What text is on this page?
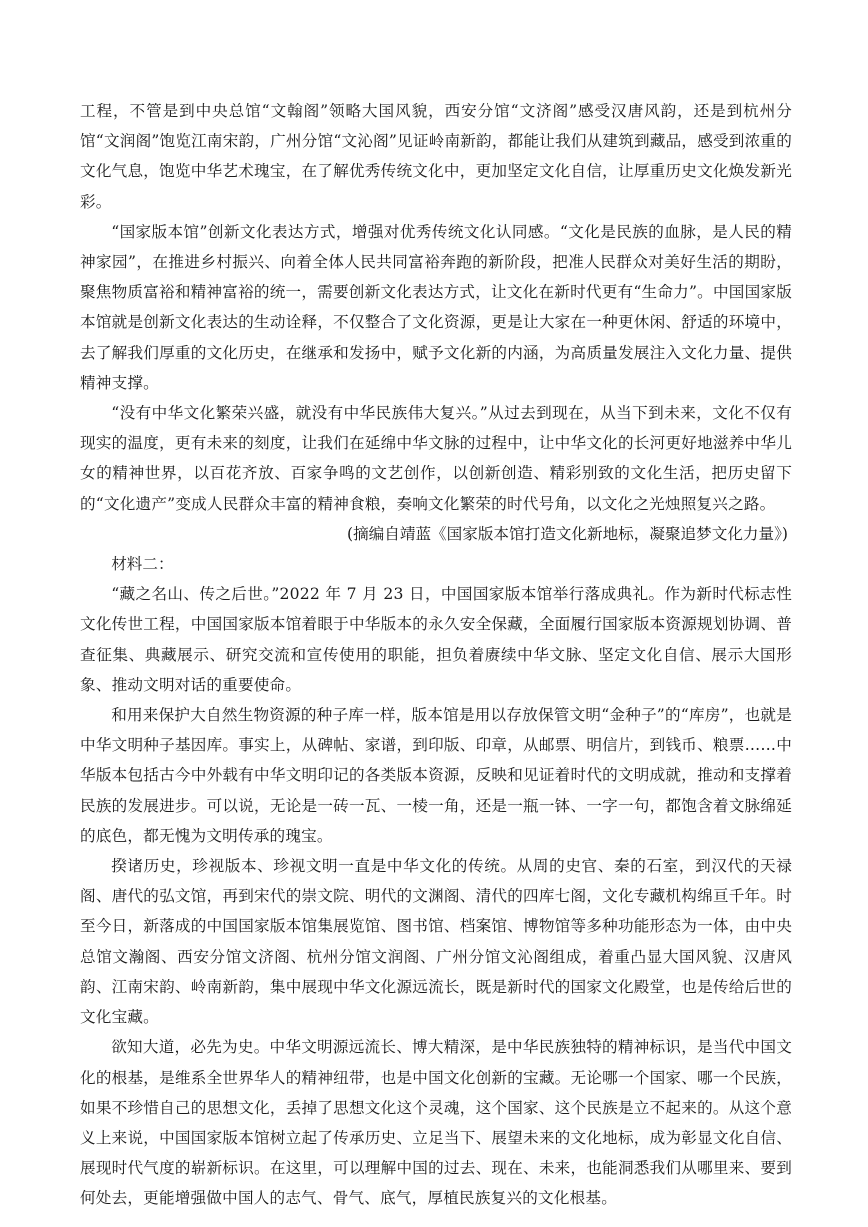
工程，不管是到中央总馆“文翰阁”领略大国风貌，西安分馆“文济阁”感受汉唐风韵，还是到杭州分馆“文润阁”饱览江南宋韵，广州分馆“文沁阁”见证岭南新韵，都能让我们从建筑到藏品，感受到浓重的文化气息，饱览中华艺术瑰宝，在了解优秀传统文化中，更加坚定文化自信，让厚重历史文化焕发新光彩。

“国家版本馆”创新文化表达方式，增强对优秀传统文化认同感。“文化是民族的血脉，是人民的精神家园”，在推进乡村振兴、向着全体人民共同富裕奔跑的新阶段，把准人民群众对美好生活的期盼，聚焦物质富裕和精神富裕的统一，需要创新文化表达方式，让文化在新时代更有“生命力”。中国国家版本馆就是创新文化表达的生动诠释，不仅整合了文化资源，更是让大家在一种更休闲、舒适的环境中，去了解我们厚重的文化历史，在继承和发扬中，赋予文化新的内涵，为高质量发展注入文化力量、提供精神支撑。

“没有中华文化繁荣兴盛，就没有中华民族伟大复兴。”从过去到现在，从当下到未来，文化不仅有现实的温度，更有未来的刻度，让我们在延绵中华文脉的过程中，让中华文化的长河更好地滋养中华儿女的精神世界，以百花齐放、百家争鸣的文艺创作，以创新创造、精彩别致的文化生活，把历史留下的“文化遗产”变成人民群众丰富的精神食粮，奏响文化繁荣的时代号角，以文化之光烛照复兴之路。

(摘编自靖蓝《国家版本馆打造文化新地标，凝聚追梦文化力量》)

材料二：

“藏之名山、传之后世。”2022 年 7 月 23 日，中国国家版本馆举行落成典礼。作为新时代标志性文化传世工程，中国国家版本馆着眼于中华版本的永久安全保藏，全面履行国家版本资源规划协调、普查征集、典藏展示、研究交流和宣传使用的职能，担负着赓续中华文脉、坚定文化自信、展示大国形象、推动文明对话的重要使命。

和用来保护大自然生物资源的种子库一样，版本馆是用以存放保管文明“金种子”的“库房”，也就是中华文明种子基因库。事实上，从碑帖、家谱，到印版、印章，从邮票、明信片，到钱币、粮票……中华版本包括古今中外载有中华文明印记的各类版本资源，反映和见证着时代的文明成就，推动和支撑着民族的发展进步。可以说，无论是一砖一瓦、一棱一角，还是一瓶一钵、一字一句，都饱含着文脉绵延的底色，都无愧为文明传承的瑰宝。

揆诸历史，珍视版本、珍视文明一直是中华文化的传统。从周的史官、秦的石室，到汉代的天禄阁、唐代的弘文馆，再到宋代的崇文院、明代的文渊阁、清代的四库七阁，文化专藏机构绵亘千年。时至今日，新落成的中国国家版本馆集展览馆、图书馆、档案馆、博物馆等多种功能形态为一体，由中央总馆文瀚阁、西安分馆文济阁、杭州分馆文润阁、广州分馆文沁阁组成，着重凸显大国风貌、汉唐风韵、江南宋韵、岭南新韵，集中展现中华文化源远流长，既是新时代的国家文化殿堂，也是传给后世的文化宝藏。

欲知大道，必先为史。中华文明源远流长、博大精深，是中华民族独特的精神标识，是当代中国文化的根基，是维系全世界华人的精神纽带，也是中国文化创新的宝藏。无论哪一个国家、哪一个民族，如果不珍惜自己的思想文化，丢掉了思想文化这个灵魂，这个国家、这个民族是立不起来的。从这个意义上来说，中国国家版本馆树立起了传承历史、立足当下、展望未来的文化地标，成为彰显文化自信、展现时代气度的崭新标识。在这里，可以理解中国的过去、现在、未来，也能洞悉我们从哪里来、要到何处去，更能增强做中国人的志气、骨气、底气，厚植民族复兴的文化根基。
